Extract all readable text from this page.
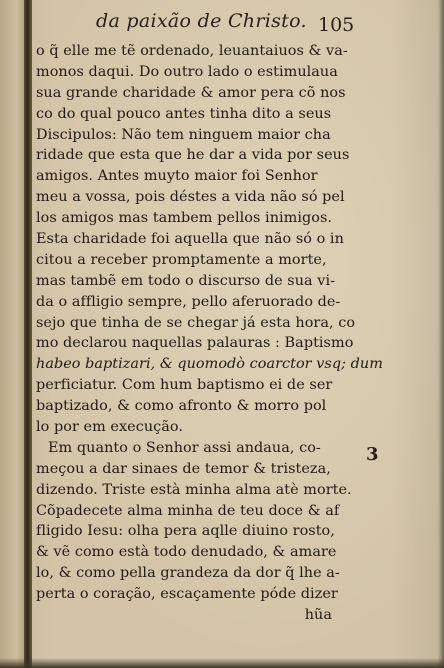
da paixão de Christo. 105
o q̃ elle me tẽ ordenado, leuantaiuos & va-
monos daqui. Do outro lado o estimulaua
sua grande charidade & amor pera cõ nos
co do qual pouco antes tinha dito a seus
Discipulos: Não tem ninguem maior cha
ridade que esta que he dar a vida por seus
amigos. Antes muyto maior foi Senhor
meu a vossa, pois déstes a vida não só pel
los amigos mas tambem pellos inimigos.
Esta charidade foi aquella que não só o in
citou a receber promptamente a morte,
mas tambẽ em todo o discurso de sua vi-
da o affligio sempre, pello aferuorado de-
sejo que tinha de se chegar já esta hora, co
mo declarou naquellas palauras : Baptismo
habeo baptizari, & quomodò coarctor vsq; dum
perficiatur. Com hum baptismo ei de ser
baptizado, & como afronto & morro pol
lo por em execução.
Em quanto o Senhor assi andaua, co-
meçou a dar sinaes de temor & tristeza,
dizendo. Triste està minha alma atè morte.
Cõpadecete alma minha de teu doce & af
fligido Iesu: olha pera aqlle diuino rosto,
& vẽ como està todo denudado, & amare
lo, & como pella grandeza da dor q̃ lhe a-
perta o coração, escaçamente póde dizer
hũa
3
